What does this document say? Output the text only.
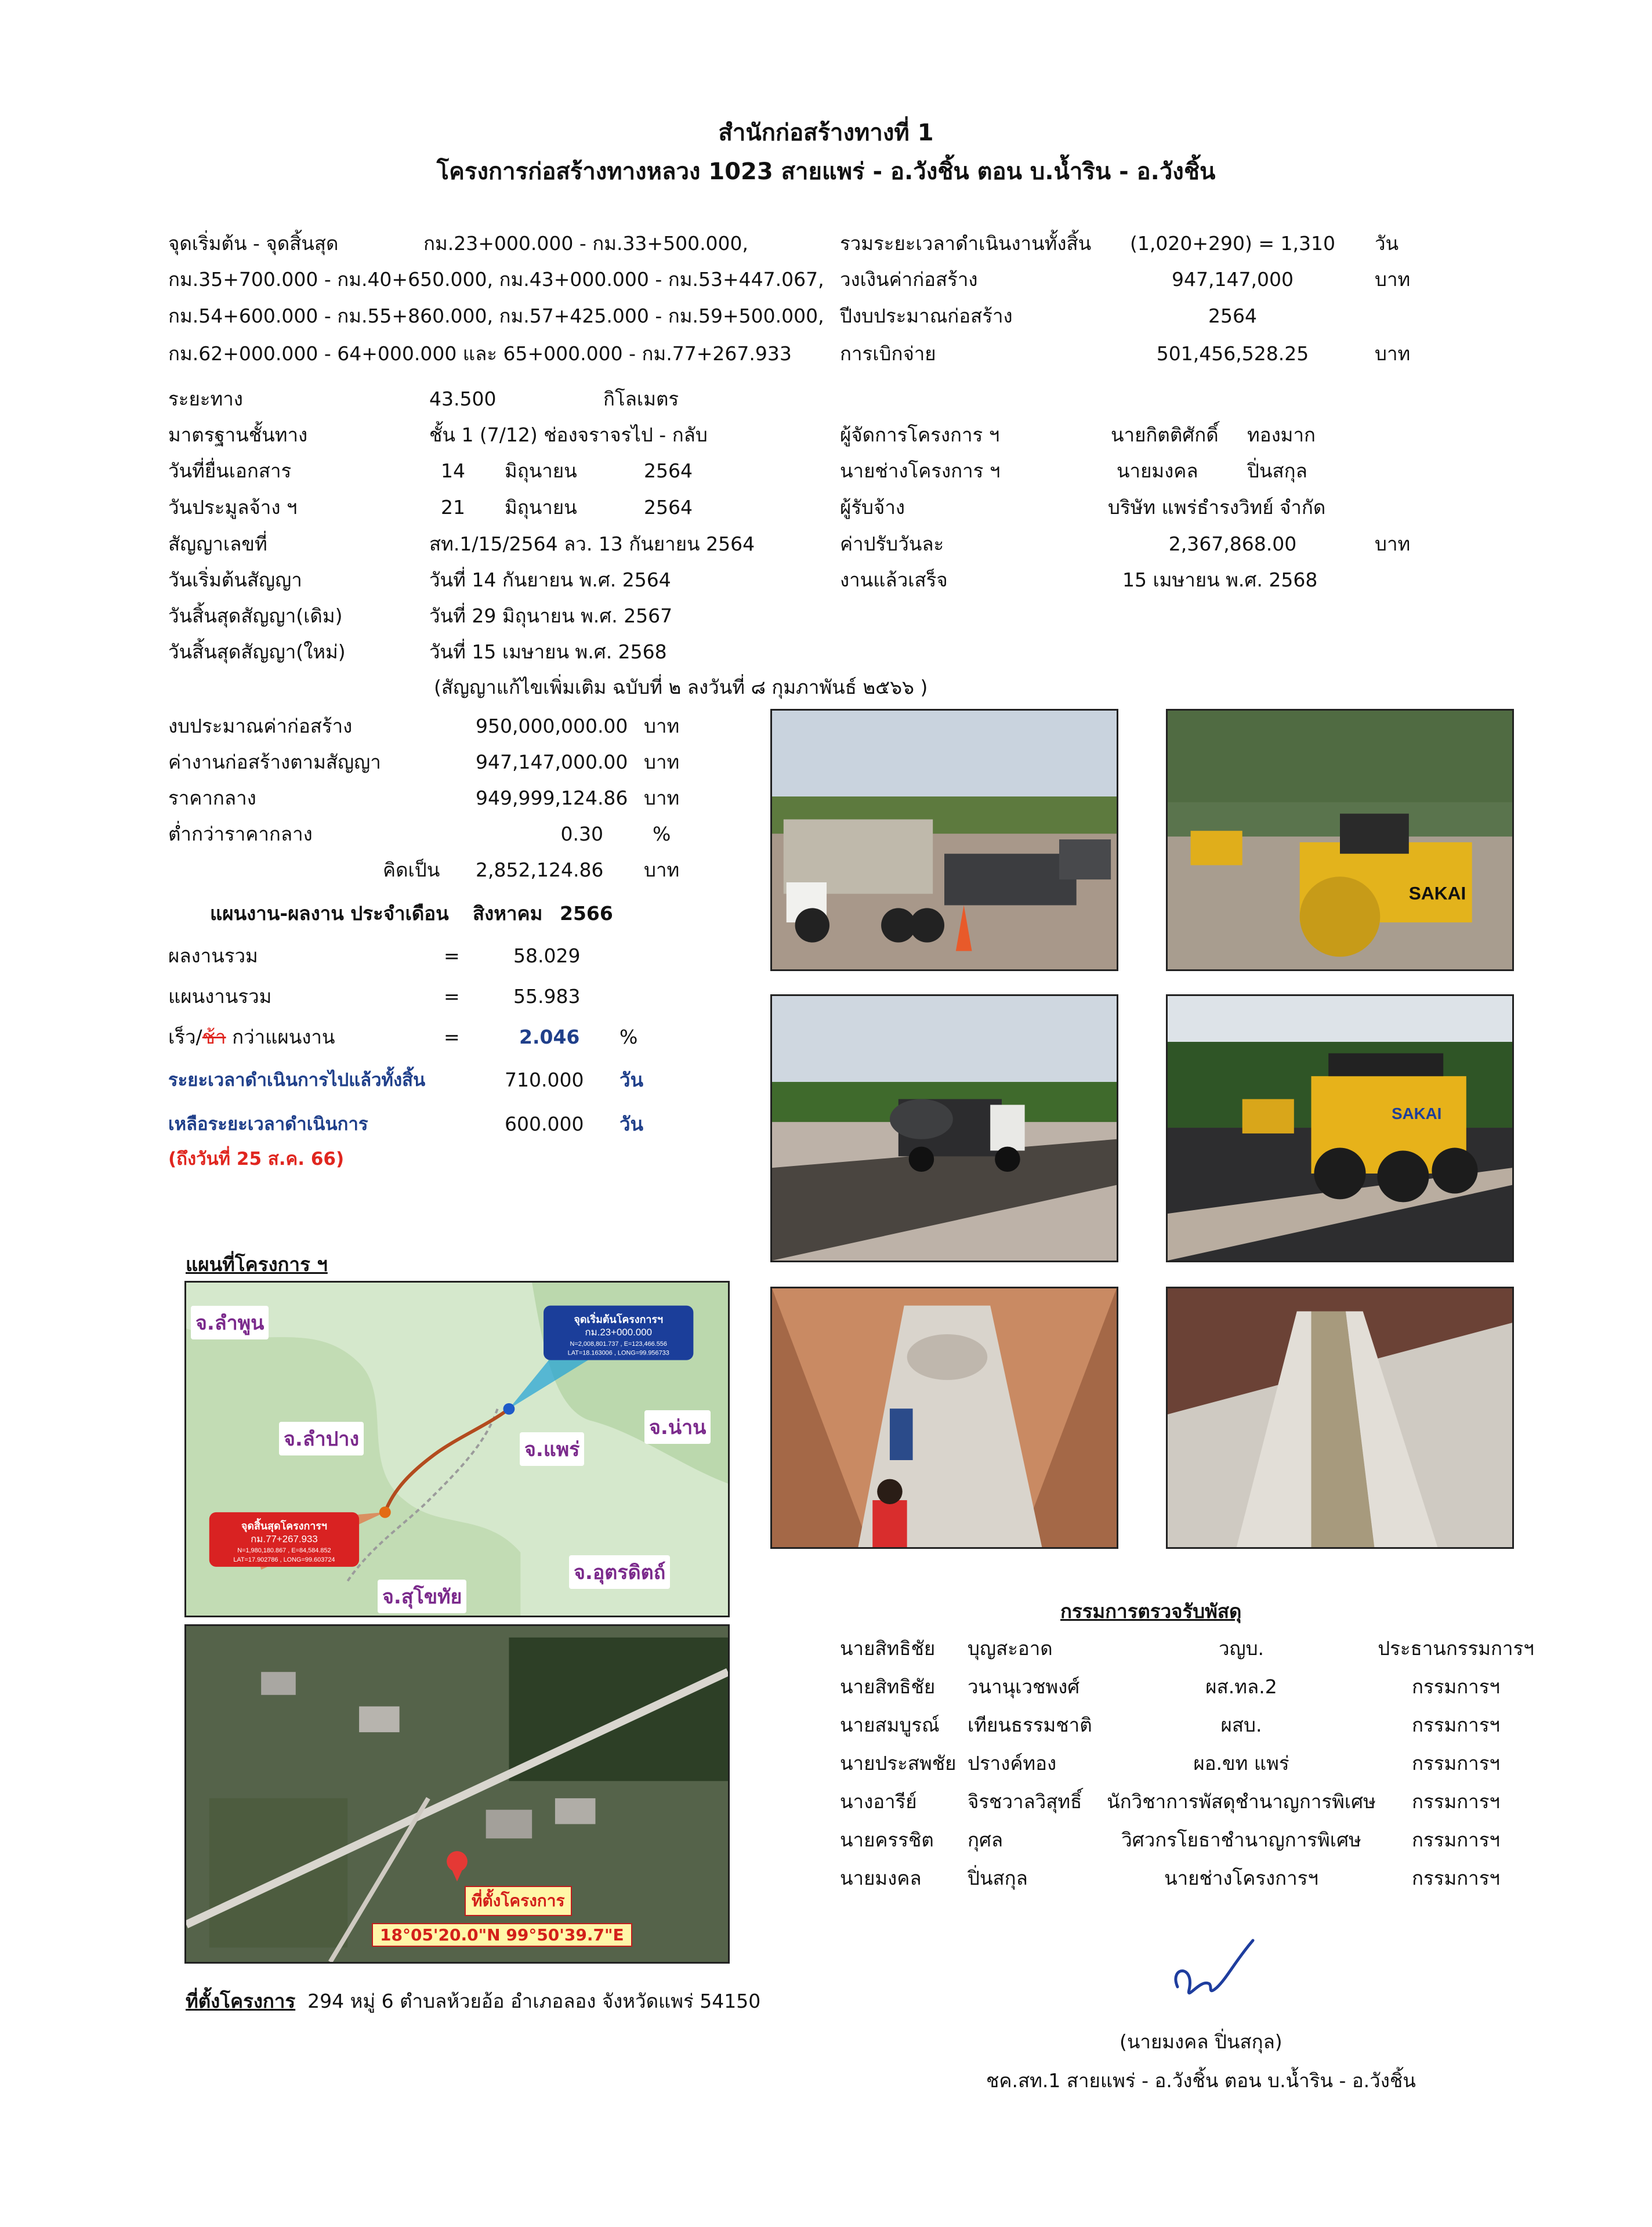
สำนักก่อสร้างทางที่ 1
โครงการก่อสร้างทางหลวง 1023 สายแพร่ - อ.วังชิ้น ตอน บ.น้ำริน - อ.วังชิ้น
จุดเริ่มต้น - จุดสิ้นสุด	กม.23+000.000 - กม.33+500.000,
กม.35+700.000 - กม.40+650.000, กม.43+000.000 - กม.53+447.067,
กม.54+600.000 - กม.55+860.000, กม.57+425.000 - กม.59+500.000,
กม.62+000.000 - 64+000.000 และ 65+000.000 - กม.77+267.933
รวมระยะเวลาดำเนินงานทั้งสิ้น	(1,020+290) = 1,310	วัน
วงเงินค่าก่อสร้าง	947,147,000	บาท
ปีงบประมาณก่อสร้าง	2564
การเบิกจ่าย	501,456,528.25	บาท
ระยะทาง	43.500	กิโลเมตร
มาตรฐานชั้นทาง	ชั้น 1 (7/12) ช่องจราจรไป - กลับ
วันที่ยื่นเอกสาร	14 มิถุนายน	2564
วันประมูลจ้าง ฯ	21 มิถุนายน	2564
สัญญาเลขที่	สท.1/15/2564 ลว. 13 กันยายน 2564
วันเริ่มต้นสัญญา	วันที่ 14 กันยายน พ.ศ. 2564
วันสิ้นสุดสัญญา(เดิม)	วันที่ 29 มิถุนายน พ.ศ. 2567
วันสิ้นสุดสัญญา(ใหม่)	วันที่ 15 เมษายน พ.ศ. 2568
(สัญญาแก้ไขเพิ่มเติม ฉบับที่ ๒ ลงวันที่ ๘ กุมภาพันธ์ ๒๕๖๖ )
ผู้จัดการโครงการ ฯ	นายกิตติศักดิ์ ทองมาก
นายช่างโครงการ ฯ	นายมงคล	ปิ่นสกุล
ผู้รับจ้าง	บริษัท แพร่ธำรงวิทย์ จำกัด
ค่าปรับวันละ	2,367,868.00	บาท
งานแล้วเสร็จ	15 เมษายน พ.ศ. 2568
งบประมาณค่าก่อสร้าง	950,000,000.00 บาท
ค่างานก่อสร้างตามสัญญา	947,147,000.00 บาท
ราคากลาง	949,999,124.86 บาท
ต่ำกว่าราคากลาง	0.30	%
คิดเป็น 2,852,124.86 บาท
แผนงาน-ผลงาน ประจำเดือน สิงหาคม 2566
ผลงานรวม	=	58.029
แผนงานรวม	=	55.983
เร็ว/ช้า กว่าแผนงาน	=	2.046 %
ระยะเวลาดำเนินการไปแล้วทั้งสิ้น	710.000 วัน
เหลือระยะเวลาดำเนินการ	600.000 วัน
(ถึงวันที่ 25 ส.ค. 66)
SAKAI
SAKAI
แผนที่โครงการ ฯ
จุดเริ่มต้นโครงการฯ
กม.23+000.000
N=2,008,801.737 , E=123,466.556
LAT=18.163006 , LONG=99.956733
จุดสิ้นสุดโครงการฯ
กม.77+267.933
N=1,980,180.867 , E=84,584.852
LAT=17.902786 , LONG=99.603724
จ.ลำพูน
จ.ลำปาง	จ.แพร่
จ.น่าน
จ.สุโขทัย
จ.อุตรดิตถ์
ที่ตั้งโครงการ
18°05'20.0"N 99°50'39.7"E
ที่ตั้งโครงการ 294 หมู่ 6 ตำบลห้วยอ้อ อำเภอลอง จังหวัดแพร่ 54150
กรรมการตรวจรับพัสดุ
นายสิทธิชัย บุญสะอาด	วญบ.	ประธานกรรมการฯ
นายสิทธิชัย วนานุเวชพงศ์	ผส.ทล.2	กรรมการฯ
นายสมบูรณ์ เทียนธรรมชาติ	ผสบ.	กรรมการฯ
นายประสพชัย ปรางค์ทอง	ผอ.ขท แพร่	กรรมการฯ
นางอารีย์	จิรชวาลวิสุทธิ์ นักวิชาการพัสดุชำนาญการพิเศษ	กรรมการฯ
นายครรชิต กุศล	วิศวกรโยธาชำนาญการพิเศษ	กรรมการฯ
นายมงคล ปิ่นสกุล	นายช่างโครงการฯ	กรรมการฯ
(นายมงคล ปิ่นสกุล)
ชค.สท.1 สายแพร่ - อ.วังชิ้น ตอน บ.น้ำริน - อ.วังชิ้น
